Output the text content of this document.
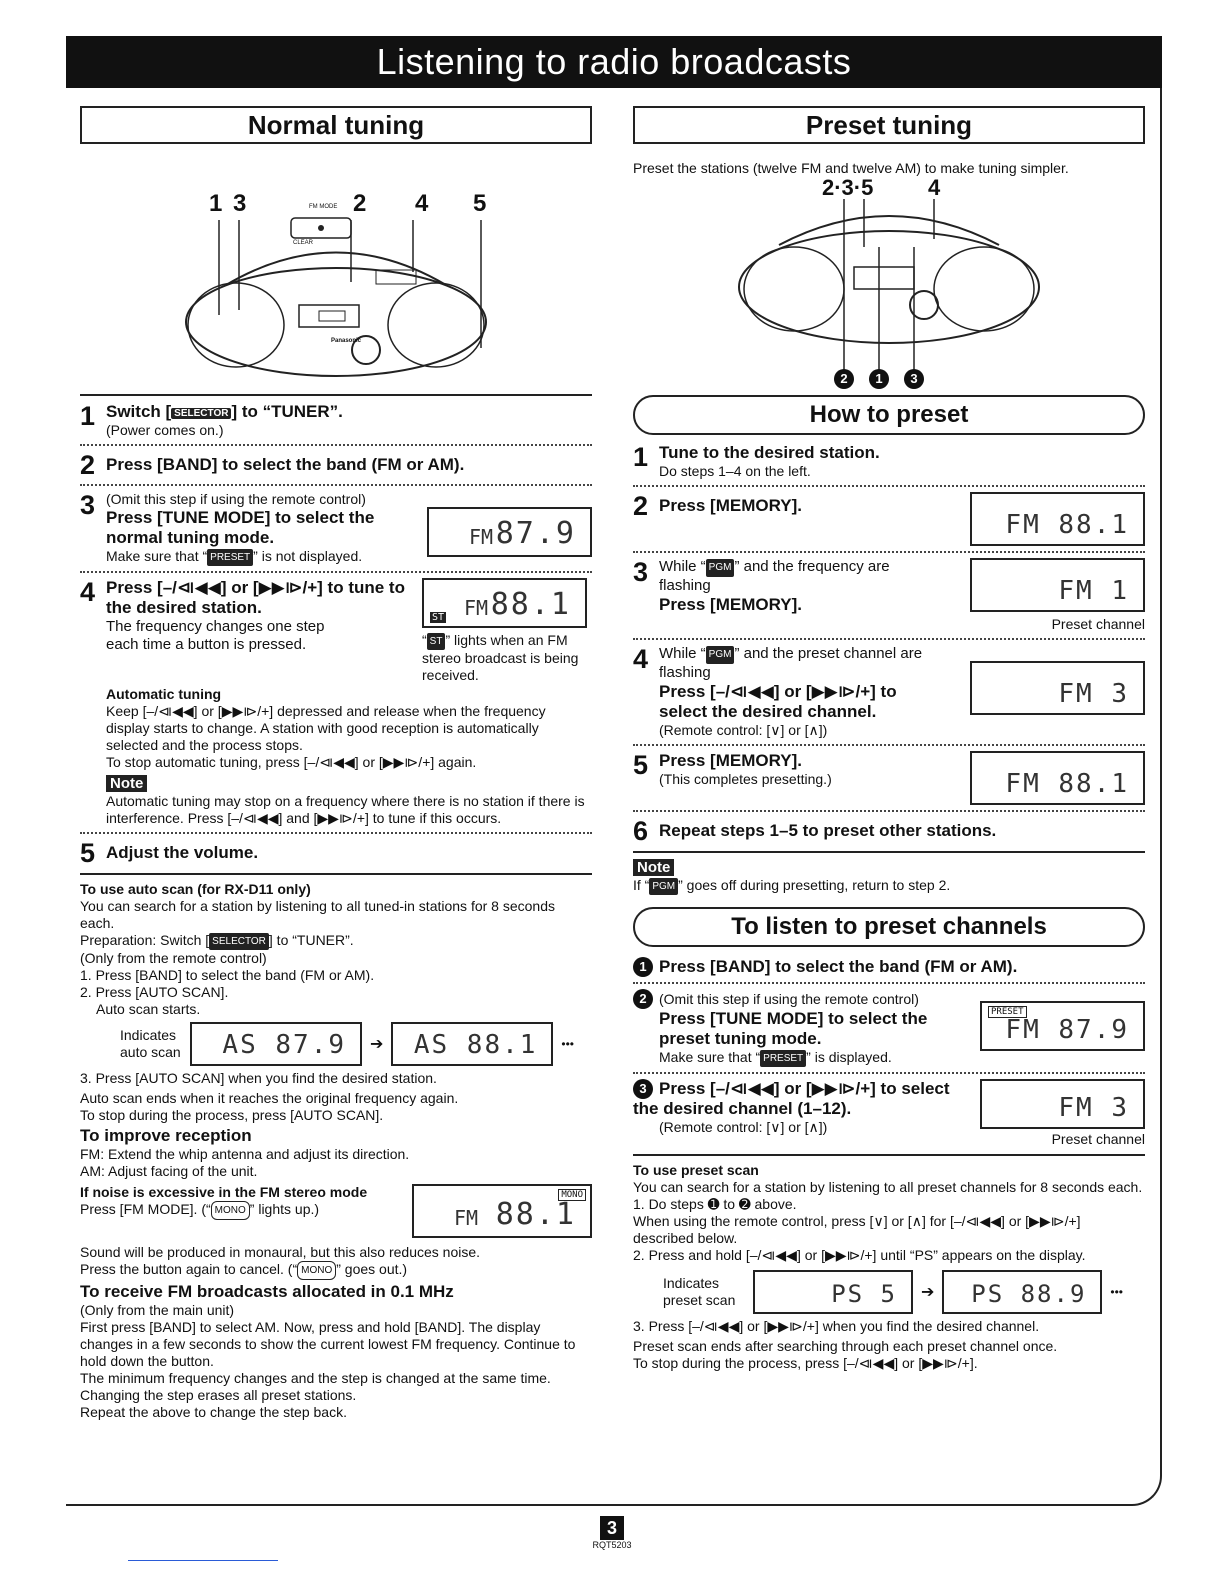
Listening to radio broadcasts
Normal tuning
1 3	2 4 5
FM MODE
CLEAR
Panasonic
1 Switch [ SELECTOR ] to “TUNER”.
(Power comes on.)
2 Press [BAND] to select the band (FM or AM).
3 (Omit this step if using the remote control)
Press [TUNE MODE] to select the normal tuning mode.
Make sure that “ PRESET ” is not displayed.
FM 87.9
4 Press [–/⧏◀◀] or [▶▶⧐/+] to tune to the desired station.
The frequency changes one step each time a button is pressed.
ST FM 88.1
“ ST ” lights when an FM stereo broadcast is being received.
Automatic tuning
Keep [–/⧏◀◀] or [▶▶⧐/+] depressed and release when the frequency display starts to change. A station with good reception is automatically selected and the process stops.
To stop automatic tuning, press [–/⧏◀◀] or [▶▶⧐/+] again.
Note
Automatic tuning may stop on a frequency where there is no station if there is interference. Press [–/⧏◀◀] and [▶▶⧐/+] to tune if this occurs.
5 Adjust the volume.
To use auto scan (for RX-D11 only)
You can search for a station by listening to all tuned-in stations for 8 seconds each.
Preparation: Switch [ SELECTOR ] to “TUNER”.
(Only from the remote control)
1. Press [BAND] to select the band (FM or AM).
2. Press [AUTO SCAN].
Auto scan starts.
Indicates auto scan	AS 87.9 ➔ AS 88.1 •••
3. Press [AUTO SCAN] when you find the desired station.
Auto scan ends when it reaches the original frequency again.
To stop during the process, press [AUTO SCAN].
To improve reception
FM: Extend the whip antenna and adjust its direction.
AM: Adjust facing of the unit.
If noise is excessive in the FM stereo mode
Press [FM MODE]. (“ MONO ” lights up.)
MONO
FM 88.1
Sound will be produced in monaural, but this also reduces noise.
Press the button again to cancel. (“ MONO ” goes out.)
To receive FM broadcasts allocated in 0.1 MHz
(Only from the main unit)
First press [BAND] to select AM. Now, press and hold [BAND]. The display changes in a few seconds to show the current lowest FM frequency. Continue to hold down the button.
The minimum frequency changes and the step is changed at the same time. Changing the step erases all preset stations.
Repeat the above to change the step back.
Preset tuning
Preset the stations (twelve FM and twelve AM) to make tuning simpler.
2·3·5 4
2	1	3
How to preset
1 Tune to the desired station.
Do steps 1–4 on the left.
2 Press [MEMORY].
FM 88.1
3 While “ PGM ” and the frequency are flashing
Press [MEMORY].	FM 1
Preset channel
4 While “ PGM ” and the preset channel are flashing
Press [–/⧏◀◀] or [▶▶⧐/+] to select the desired channel.
(Remote control: [∨] or [∧])
FM 3
5 Press [MEMORY].
(This completes presetting.)	FM 88.1
6 Repeat steps 1–5 to preset other stations.
Note
If “ PGM ” goes off during presetting, return to step 2.
To listen to preset channels
1 Press [BAND] to select the band (FM or AM).
2 (Omit this step if using the remote control)
Press [TUNE MODE] to select the preset tuning mode.
Make sure that “ PRESET ” is displayed.
PRESET
FM 87.9
3 Press [–/⧏◀◀] or [▶▶⧐/+] to select the desired channel (1–12).
(Remote control: [∨] or [∧])
FM 3
Preset channel
To use preset scan
You can search for a station by listening to all preset channels for 8 seconds each.
1. Do steps ➊ to ➋ above.
When using the remote control, press [∨] or [∧] for [–/⧏◀◀] or [▶▶⧐/+] described below.
2. Press and hold [–/⧏◀◀] or [▶▶⧐/+] until “PS” appears on the display.
Indicates preset scan	PS 5 ➔ PS 88.9 •••
3. Press [–/⧏◀◀] or [▶▶⧐/+] when you find the desired channel.
Preset scan ends after searching through each preset channel once.
To stop during the process, press [–/⧏◀◀] or [▶▶⧐/+].
3
RQT5203
